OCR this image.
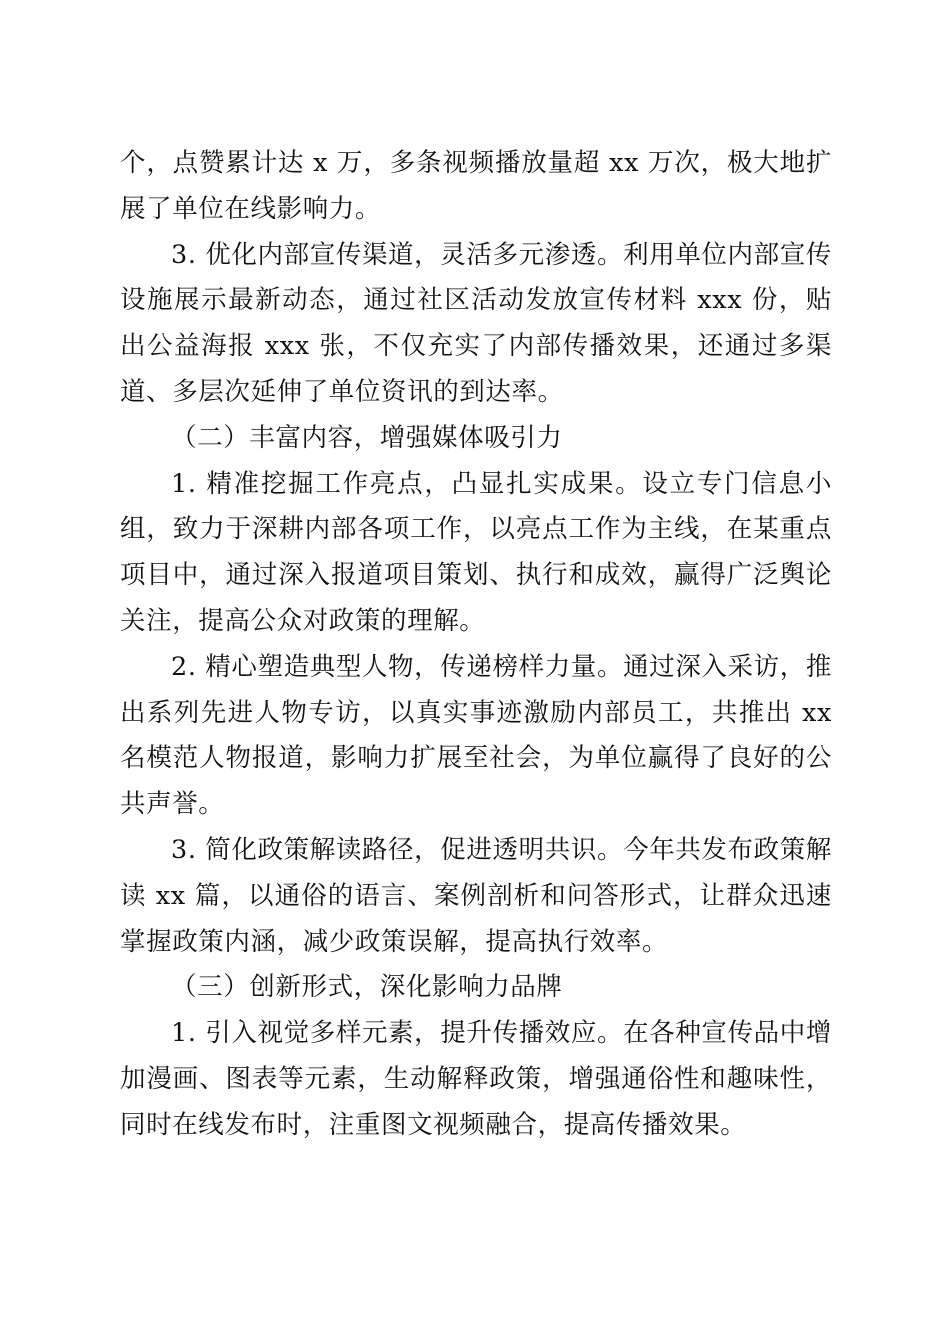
个，点赞累计达 x 万，多条视频播放量超 xx 万次，极大地扩展了单位在线影响力。

3. 优化内部宣传渠道，灵活多元渗透。利用单位内部宣传设施展示最新动态，通过社区活动发放宣传材料 xxx 份，贴出公益海报 xxx 张，不仅充实了内部传播效果，还通过多渠道、多层次延伸了单位资讯的到达率。

（二）丰富内容，增强媒体吸引力

1. 精准挖掘工作亮点，凸显扎实成果。设立专门信息小组，致力于深耕内部各项工作，以亮点工作为主线，在某重点项目中，通过深入报道项目策划、执行和成效，赢得广泛舆论关注，提高公众对政策的理解。

2. 精心塑造典型人物，传递榜样力量。通过深入采访，推出系列先进人物专访，以真实事迹激励内部员工，共推出 xx 名模范人物报道，影响力扩展至社会，为单位赢得了良好的公共声誉。

3. 简化政策解读路径，促进透明共识。今年共发布政策解读 xx 篇，以通俗的语言、案例剖析和问答形式，让群众迅速掌握政策内涵，减少政策误解，提高执行效率。

（三）创新形式，深化影响力品牌

1. 引入视觉多样元素，提升传播效应。在各种宣传品中增加漫画、图表等元素，生动解释政策，增强通俗性和趣味性，同时在线发布时，注重图文视频融合，提高传播效果。
